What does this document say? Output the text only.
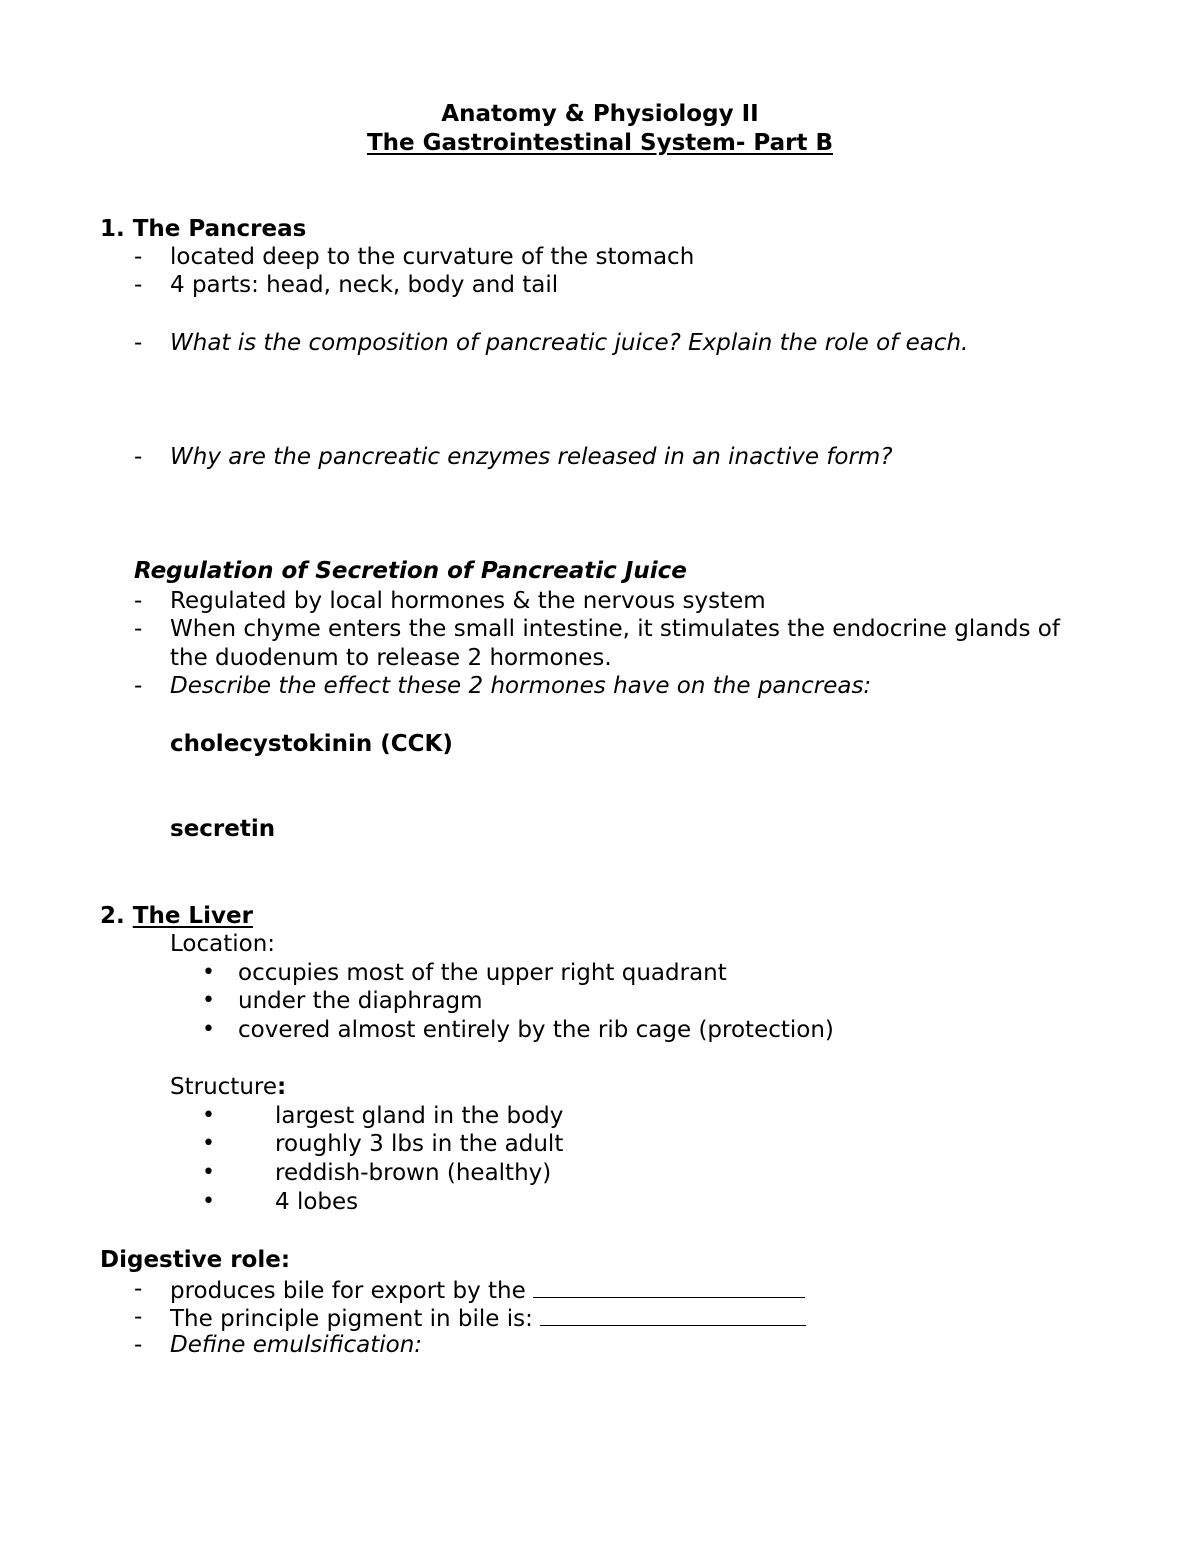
Anatomy & Physiology II
The Gastrointestinal System- Part B
1. The Pancreas
- located deep to the curvature of the stomach
- 4 parts: head, neck, body and tail
- What is the composition of pancreatic juice? Explain the role of each.
- Why are the pancreatic enzymes released in an inactive form?
Regulation of Secretion of Pancreatic Juice
- Regulated by local hormones & the nervous system
- When chyme enters the small intestine, it stimulates the endocrine glands of
the duodenum to release 2 hormones.
- Describe the effect these 2 hormones have on the pancreas:
cholecystokinin (CCK)
secretin
2. The Liver
Location:
• occupies most of the upper right quadrant
• under the diaphragm
• covered almost entirely by the rib cage (protection)
Structure:
•	largest gland in the body
•	roughly 3 lbs in the adult
•	reddish-brown (healthy)
•	4 lobes
Digestive role:
- produces bile for export by the
- The principle pigment in bile is:
- Define emulsification:
